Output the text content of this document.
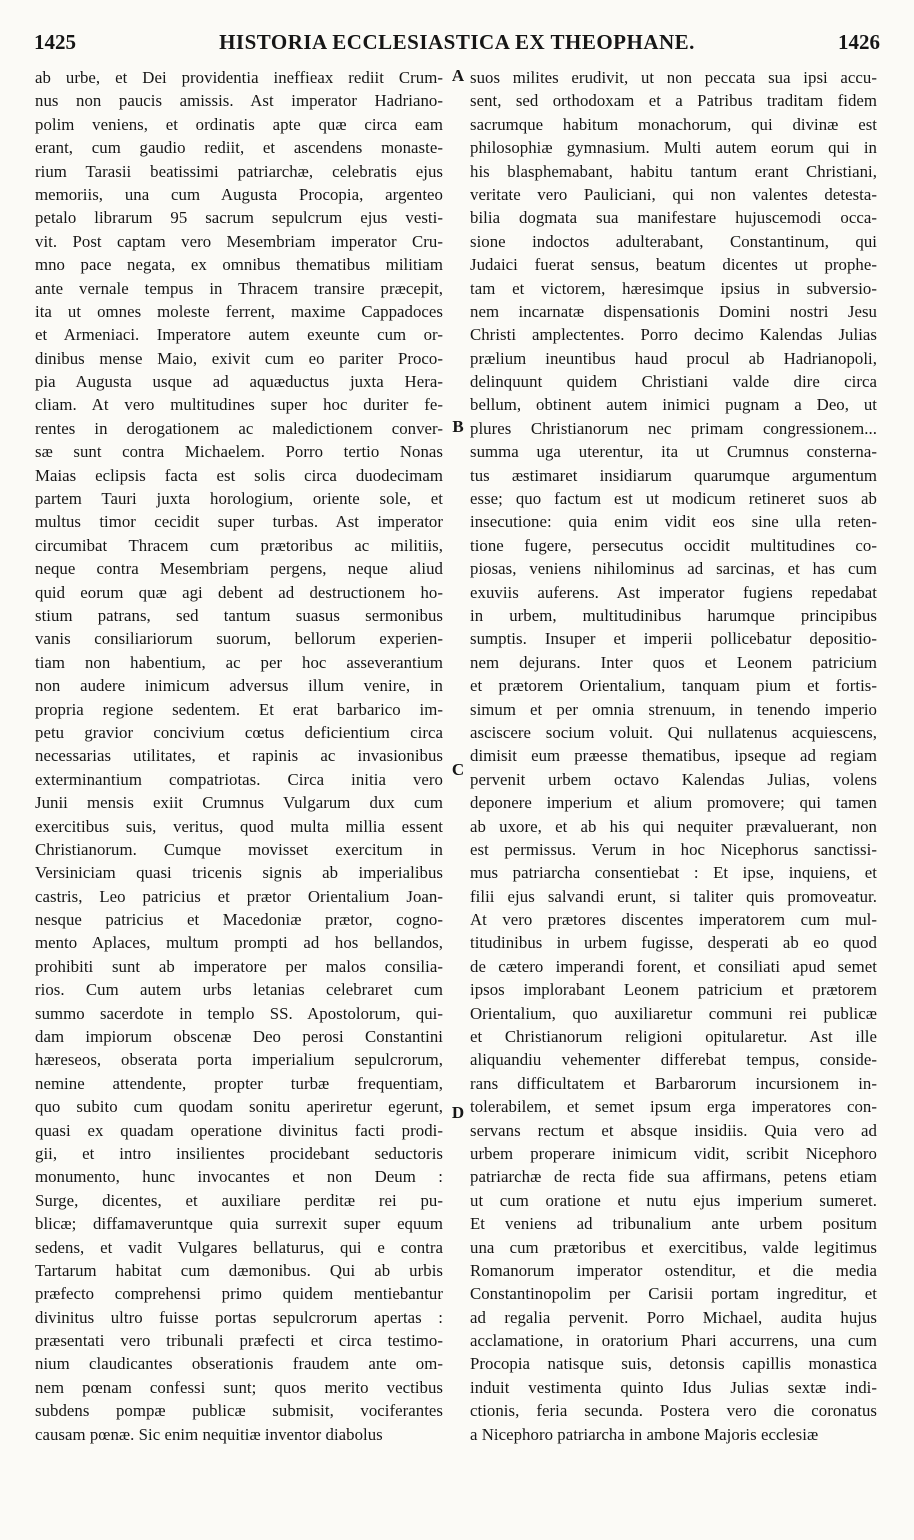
1425	HISTORIA ECCLESIASTICA EX THEOPHANE.	1426
ab urbe, et Dei providentia ineffieax rediit Crum-
nus non paucis amissis. Ast imperator Hadriano-
polim veniens, et ordinatis apte quæ circa eam
erant, cum gaudio rediit, et ascendens monaste-
rium Tarasii beatissimi patriarchæ, celebratis ejus
memoriis, una cum Augusta Procopia, argenteo
petalo librarum 95 sacrum sepulcrum ejus vesti-
vit. Post captam vero Mesembriam imperator Cru-
mno pace negata, ex omnibus thematibus militiam
ante vernale tempus in Thracem transire præcepit,
ita ut omnes moleste ferrent, maxime Cappadoces
et Armeniaci. Imperatore autem exeunte cum or-
dinibus mense Maio, exivit cum eo pariter Proco-
pia Augusta usque ad aquæductus juxta Hera-
cliam. At vero multitudines super hoc duriter fe-
rentes in derogationem ac maledictionem conver-
sæ sunt contra Michaelem. Porro tertio Nonas
Maias eclipsis facta est solis circa duodecimam
partem Tauri juxta horologium, oriente sole, et
multus timor cecidit super turbas. Ast imperator
circumibat Thracem cum prætoribus ac militiis,
neque contra Mesembriam pergens, neque aliud
quid eorum quæ agi debent ad destructionem ho-
stium patrans, sed tantum suasus sermonibus
vanis consiliariorum suorum, bellorum experien-
tiam non habentium, ac per hoc asseverantium
non audere inimicum adversus illum venire, in
propria regione sedentem. Et erat barbarico im-
petu gravior concivium cœtus deficientium circa
necessarias utilitates, et rapinis ac invasionibus
exterminantium compatriotas. Circa initia vero
Junii mensis exiit Crumnus Vulgarum dux cum
exercitibus suis, veritus, quod multa millia essent
Christianorum. Cumque movisset exercitum in
Versiniciam quasi tricenis signis ab imperialibus
castris, Leo patricius et prætor Orientalium Joan-
nesque patricius et Macedoniæ prætor, cogno-
mento Aplaces, multum prompti ad hos bellandos,
prohibiti sunt ab imperatore per malos consilia-
rios. Cum autem urbs letanias celebraret cum
summo sacerdote in templo SS. Apostolorum, qui-
dam impiorum obscenæ Deo perosi Constantini
hæreseos, obserata porta imperialium sepulcrorum,
nemine attendente, propter turbæ frequentiam,
quo subito cum quodam sonitu aperiretur egerunt,
quasi ex quadam operatione divinitus facti prodi-
gii, et intro insilientes procidebant seductoris
monumento, hunc invocantes et non Deum :
Surge, dicentes, et auxiliare perditæ rei pu-
blicæ; diffamaveruntque quia surrexit super equum
sedens, et vadit Vulgares bellaturus, qui e contra
Tartarum habitat cum dæmonibus. Qui ab urbis
præfecto comprehensi primo quidem mentiebantur
divinitus ultro fuisse portas sepulcrorum apertas :
præsentati vero tribunali præfecti et circa testimo-
nium claudicantes obserationis fraudem ante om-
nem pœnam confessi sunt; quos merito vectibus
subdens pompæ publicæ submisit, vociferantes
causam pœnæ. Sic enim nequitiæ inventor diabolus
suos milites erudivit, ut non peccata sua ipsi accu-
sent, sed orthodoxam et a Patribus traditam fidem
sacrumque habitum monachorum, qui divinæ est
philosophiæ gymnasium. Multi autem eorum qui in
his blasphemabant, habitu tantum erant Christiani,
veritate vero Pauliciani, qui non valentes detesta-
bilia dogmata sua manifestare hujuscemodi occa-
sione indoctos adulterabant, Constantinum, qui
Judaici fuerat sensus, beatum dicentes ut prophe-
tam et victorem, hæresimque ipsius in subversio-
nem incarnatæ dispensationis Domini nostri Jesu
Christi amplectentes. Porro decimo Kalendas Julias
prælium ineuntibus haud procul ab Hadrianopoli,
delinquunt quidem Christiani valde dire circa
bellum, obtinent autem inimici pugnam a Deo, ut
plures Christianorum nec primam congressionem...
summa uga uterentur, ita ut Crumnus consterna-
tus æstimaret insidiarum quarumque argumentum
esse; quo factum est ut modicum retineret suos ab
insecutione: quia enim vidit eos sine ulla reten-
tione fugere, persecutus occidit multitudines co-
piosas, veniens nihilominus ad sarcinas, et has cum
exuviis auferens. Ast imperator fugiens repedabat
in urbem, multitudinibus harumque principibus
sumptis. Insuper et imperii pollicebatur depositio-
nem dejurans. Inter quos et Leonem patricium
et prætorem Orientalium, tanquam pium et fortis-
simum et per omnia strenuum, in tenendo imperio
asciscere socium voluit. Qui nullatenus acquiescens,
dimisit eum præesse thematibus, ipseque ad regiam
pervenit urbem octavo Kalendas Julias, volens
deponere imperium et alium promovere; qui tamen
ab uxore, et ab his qui nequiter prævaluerant, non
est permissus. Verum in hoc Nicephorus sanctissi-
mus patriarcha consentiebat : Et ipse, inquiens, et
filii ejus salvandi erunt, si taliter quis promoveatur.
At vero prætores discentes imperatorem cum mul-
titudinibus in urbem fugisse, desperati ab eo quod
de cætero imperandi forent, et consiliati apud semet
ipsos implorabant Leonem patricium et prætorem
Orientalium, quo auxiliaretur communi rei publicæ
et Christianorum religioni opitularetur. Ast ille
aliquandiu vehementer differebat tempus, conside-
rans difficultatem et Barbarorum incursionem in-
tolerabilem, et semet ipsum erga imperatores con-
servans rectum et absque insidiis. Quia vero ad
urbem properare inimicum vidit, scribit Nicephoro
patriarchæ de recta fide sua affirmans, petens etiam
ut cum oratione et nutu ejus imperium sumeret.
Et veniens ad tribunalium ante urbem positum
una cum prætoribus et exercitibus, valde legitimus
Romanorum imperator ostenditur, et die media
Constantinopolim per Carisii portam ingreditur, et
ad regalia pervenit. Porro Michael, audita hujus
acclamatione, in oratorium Phari accurrens, una cum
Procopia natisque suis, detonsis capillis monastica
induit vestimenta quinto Idus Julias sextæ indi-
ctionis, feria secunda. Postera vero die coronatus
a Nicephoro patriarcha in ambone Majoris ecclesiæ
A
B
C
D
